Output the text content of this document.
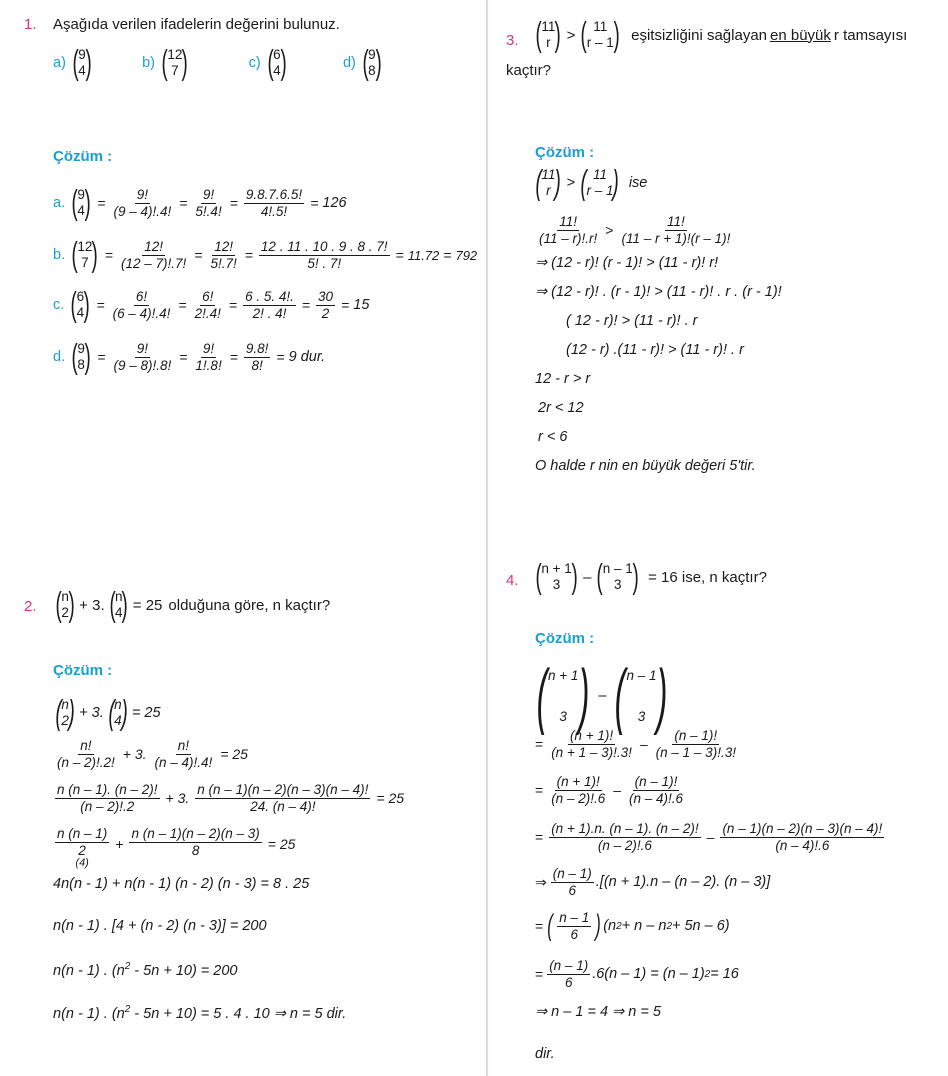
1. Aşağıda verilen ifadelerin değerini bulunuz.
a) ( 9
4 )	b) ( 12
7 )	c) ( 6
4 )	d) ( 9
8 )
Çözüm :
a. ( 9
4 ) = $\frac{9!}{(9 - 4)!.4!} = \frac{9!}{5!.4!} = \frac{9.8.7.6.5!}{4!.5!} = 126$
b. ( 12
7 ) = $\frac{12!}{(12 - 7)!.7!} = \frac{12!}{5!.7!} = \frac{12 . 11 . 10 . 9 . 8 . 7!}{5! . 7!} = 11.72 = 792$
c. ( 6
4 ) = $\frac{6!}{(6 - 4)!.4!} = \frac{6!}{2!.4!} = \frac{6 . 5. 4!.}{2! . 4!} = \frac{30}{2} = 15$
d. ( 9
8 ) = $\frac{9!}{(9 - 8)!.8!} = \frac{9!}{1!.8!} = \frac{9.8!}{8!} = 9$ dur.
2. ( n
2 ) + 3. ( n
4 ) = 25 olduğuna göre, n kaçtır?
Çözüm :
( n
2 ) + 3. ( n
4 ) = 25
$\frac{n!}{(n - 2)!.2!} + 3$. $\frac{n!}{(n - 4)!.4!} = 25$
$\frac{n (n - 1). (n - 2)!}{(n - 2)!.2} + 3$. $\frac{n (n - 1)(n - 2)(n - 3)(n - 4)!}{24. (n - 4)!} = 25$
n (n – 1)
2
(4)
+ $\frac{n (n - 1)(n - 2)(n - 3)}{8} = 25$
4n(n - 1) + n(n - 1) (n - 2) (n - 3) = 8 . 25
n(n - 1) . [4 + (n - 2) (n - 3)] = 200
n(n - 1) . $(n^2 - 5n + 10) = 200$
n(n - 1) . $(n^2 - 5n + 10) = 5$ . 4 . 10 ⇒ n = 5 dir.
3. ( 11
r ) > ( 11
r – 1 ) eşitsizliğini sağlayan en büyük r tamsayısı
kaçtır?
Çözüm :
( 11
r ) > ( 11
r – 1 ) ise
$\frac{11!}{(11 - r)!.r!} > \frac{11!}{(11 - r + 1)!(r - 1)!}$
⇒ (12 - r)! (r - 1)! > (11 - r)! r!
⇒ (12 - r)! . (r - 1)! > (11 - r)! . r . (r - 1)!
( 12 - r)! > (11 - r)! . r
(12 - r) .(11 - r)! > (11 - r)! . r
12 - r > r
2r < 12
r < 6
O halde r nin en büyük değeri 5'tir.
4. ( n + 1
3 ) – ( n – 1
3 ) = 16 ise, n kaçtır?
Çözüm :
( n + 1
3 ) – ( n – 1
3 )
= $\frac{(n + 1)!}{(n + 1 - 3)!.3!} - \frac{(n - 1)!}{(n - 1 - 3)!.3!}$
= $\frac{(n + 1)!}{(n - 2)!.6} - \frac{(n - 1)!}{(n - 4)!.6}$
= $\frac{(n + 1).n. (n - 1). (n - 2)!}{(n - 2)!.6} - \frac{(n - 1)(n - 2)(n - 3)(n - 4)!}{(n - 4)!.6}$
⇒ $\frac{(n - 1)}{6} .[(n + 1).n - (n - 2)$. (n – 3)]
= ( $\frac{n - 1}{6}$ ) (n 2 + n – n 2 + 5n – 6)
= $\frac{(n - 1)}{6} .6(n - 1) = (n - 1) 2 = 16$
⇒ n – 1 = 4 ⇒ n = 5
dir.
